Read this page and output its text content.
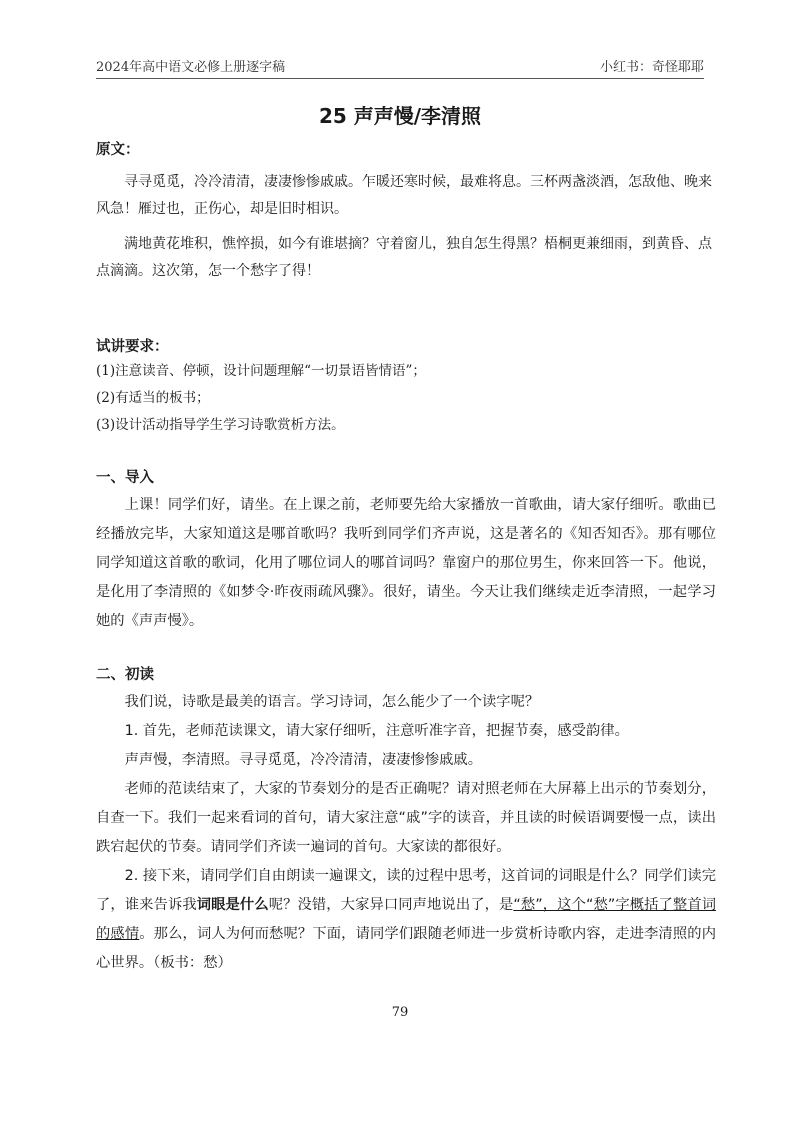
2024年高中语文必修上册逐字稿	小红书：奇怪耶耶
25 声声慢/李清照
原文：

寻寻觅觅，冷冷清清，凄凄惨惨戚戚。乍暖还寒时候，最难将息。三杯两盏淡酒，怎敌他、晚来风急！雁过也，正伤心，却是旧时相识。

满地黄花堆积，憔悴损，如今有谁堪摘？守着窗儿，独自怎生得黑？梧桐更兼细雨，到黄昏、点点滴滴。这次第，怎一个愁字了得！

试讲要求：

(1)注意读音、停顿，设计问题理解“一切景语皆情语”；

(2)有适当的板书；

(3)设计活动指导学生学习诗歌赏析方法。

一、导入

上课！同学们好，请坐。在上课之前，老师要先给大家播放一首歌曲，请大家仔细听。歌曲已经播放完毕，大家知道这是哪首歌吗？我听到同学们齐声说，这是著名的《知否知否》。那有哪位同学知道这首歌的歌词，化用了哪位词人的哪首词吗？靠窗户的那位男生，你来回答一下。他说，是化用了李清照的《如梦令·昨夜雨疏风骤》。很好，请坐。今天让我们继续走近李清照，一起学习她的《声声慢》。

二、初读

我们说，诗歌是最美的语言。学习诗词，怎么能少了一个读字呢？

1. 首先，老师范读课文，请大家仔细听，注意听准字音，把握节奏，感受韵律。

声声慢，李清照。寻寻觅觅，冷冷清清，凄凄惨惨戚戚。

老师的范读结束了，大家的节奏划分的是否正确呢？请对照老师在大屏幕上出示的节奏划分，自查一下。我们一起来看词的首句，请大家注意“戚”字的读音，并且读的时候语调要慢一点，读出跌宕起伏的节奏。请同学们齐读一遍词的首句。大家读的都很好。

2. 接下来，请同学们自由朗读一遍课文，读的过程中思考，这首词的词眼是什么？同学们读完了，谁来告诉我词眼是什么呢？没错，大家异口同声地说出了，是“愁”，这个“愁”字概括了整首词的感情。那么，词人为何而愁呢？下面，请同学们跟随老师进一步赏析诗歌内容，走进李清照的内心世界。（板书：愁）

79
